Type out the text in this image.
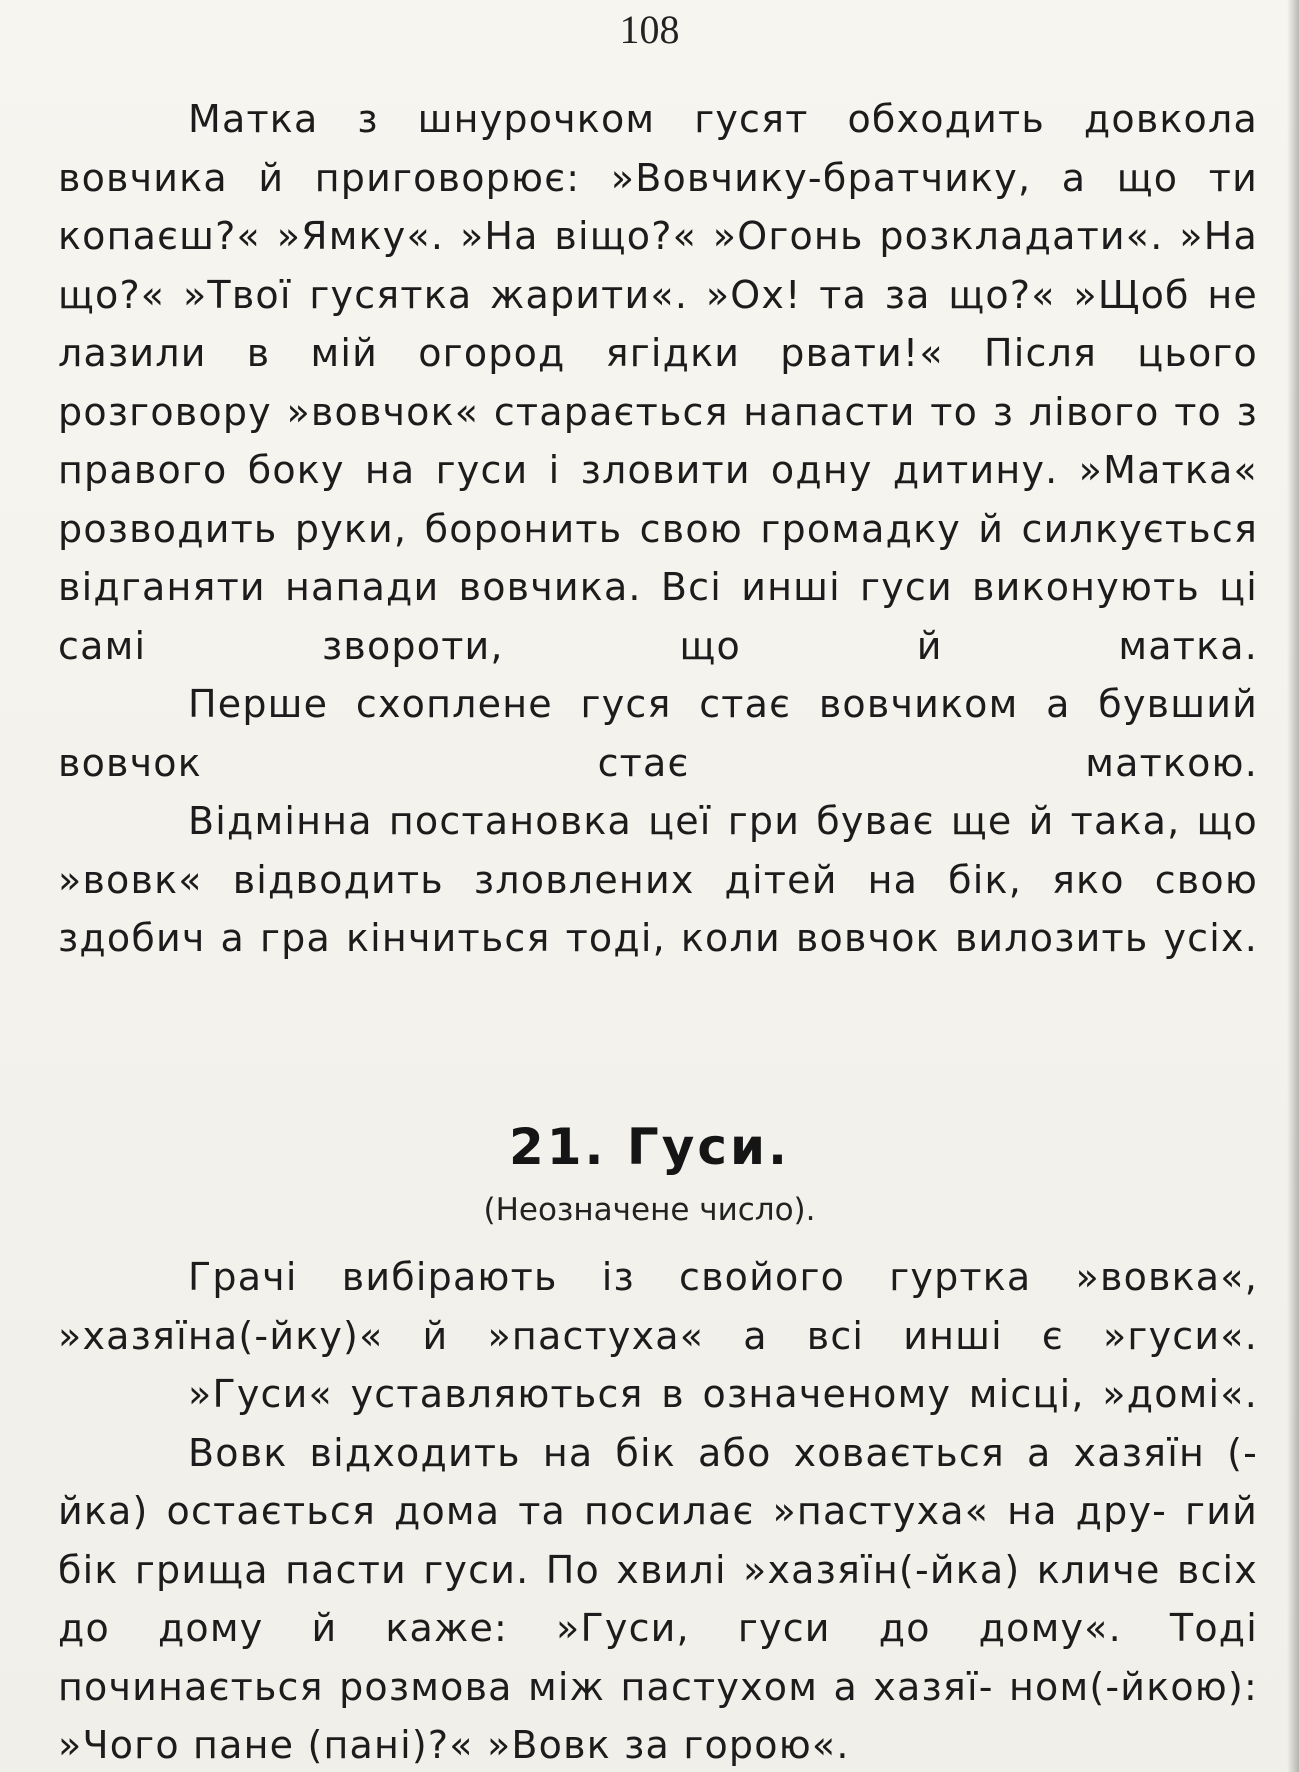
108

Матка з шнурочком гусят обходить довкола вовчика й приговорює: »Вовчику-братчику, а що ти копаєш?« »Ямку«. »На віщо?« »Огонь розкладати«. »На що?« »Твої гусятка жарити«. »Ох! та за що?« »Щоб не лазили в мій огород ягідки рвати!« Після цього розговору »вовчок« старається напасти то з лівого то з правого боку на гуси і зловити одну дитину. »Матка« розводить руки, боронить свою громадку й силкується відганяти напади вовчика. Всі инші гуси виконують ці самі звороти, що й матка.

Перше схоплене гуся стає вовчиком а бувший вовчок стає маткою.

Відмінна постановка цеї гри буває ще й така, що »вовк« відводить зловлених дітей на бік, яко свою здобич а гра кінчиться тоді, коли вовчок вилозить усіх.

21. Гуси.
(Неозначене число).

Грачі вибірають із свойого гуртка »вовка«, »хазяїна(-йку)« й »пастуха« а всі инші є »гуси«.

»Гуси« уставляються в означеному місці, »домі«.

Вовк відходить на бік або ховається а хазяїн (-йка) остається дома та посилає »пастуха« на дру- гий бік грища пасти гуси. По хвилі »хазяїн(-йка) кличе всіх до дому й каже: »Гуси, гуси до дому«. Тоді починається розмова між пастухом а хазяї- ном(-йкою): »Чого пане (пані)?« »Вовк за горою«.
